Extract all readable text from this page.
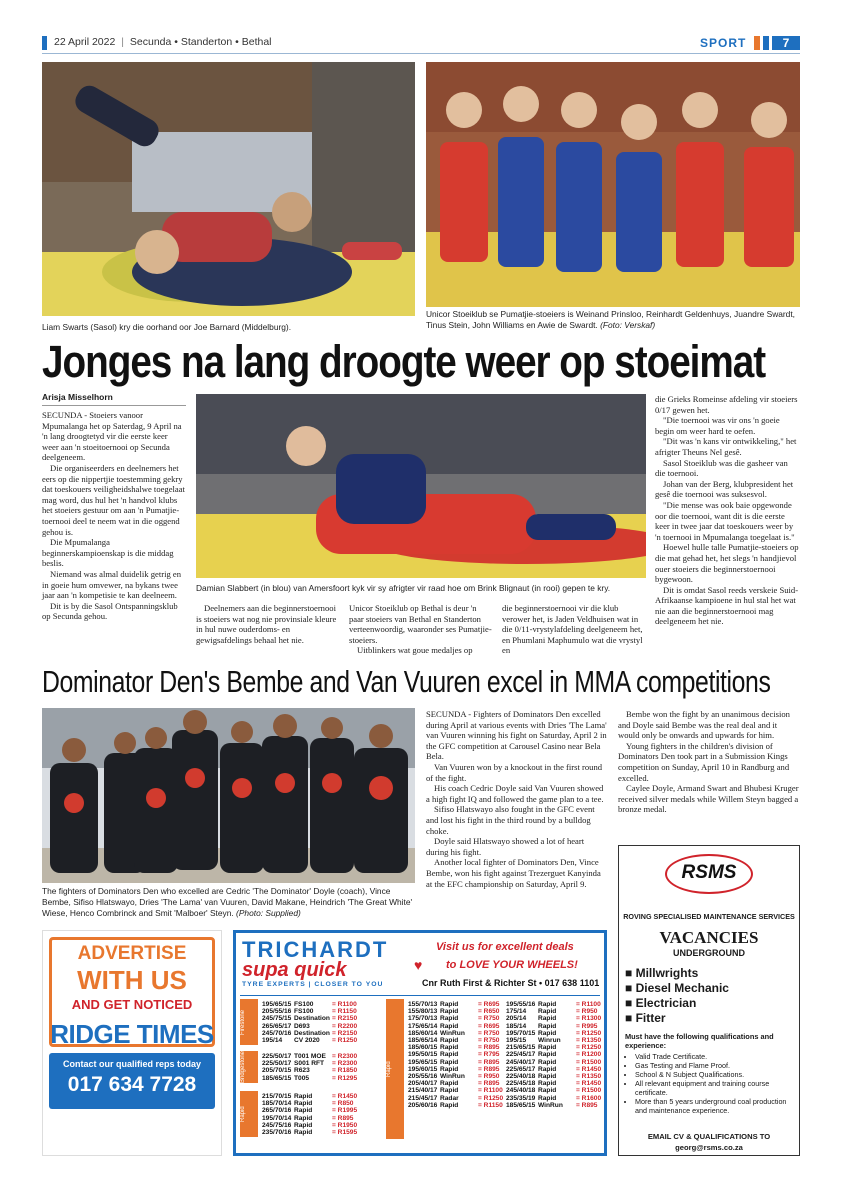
22 April 2022 | Secunda • Standerton • Bethal	SPORT	7
Liam Swarts (Sasol) kry die oorhand oor Joe Barnard (Middelburg).
Unicor Stoeiklub se Pumatjie-stoeiers is Weinand Prinsloo, Reinhardt Geldenhuys, Juandre Swardt, Tinus Stein, John Williams en Awie de Swardt. (Foto: Verskaf)
Jonges na lang droogte weer op stoeimat
Arisja Misselhorn

SECUNDA - Stoeiers vanoor Mpumalanga het op Saterdag, 9 April na 'n lang droogtetyd vir die eerste keer weer aan 'n stoeitoernooi op Secunda deelgeneem.

Die organiseerders en deelnemers het eers op die nippertjie toestemming gekry dat toeskouers veiligheidshalwe toegelaat mag word, dus hul het 'n handvol klubs het stoeiers gestuur om aan 'n Pumatjie-toernooi deel te neem wat in die oggend gehou is.

Die Mpumalanga beginnerskampioenskap is die middag beslis.

Niemand was almal duidelik getrig en in goeie hum omvewer, na bykans twee jaar aan 'n kompetisie te kan deelneem.

Dit is by die Sasol Ontspanningsklub op Secunda gehou.

Damian Slabbert (in blou) van Amersfoort kyk vir sy afrigter vir raad hoe om Brink Blignaut (in rooi) gepen te kry.

Deelnemers aan die beginnerstoernooi is stoeiers wat nog nie provinsiale kleure in hul nuwe ouderdoms- en gewigsafdelings behaal het nie.

Unicor Stoeiklub op Bethal is deur 'n paar stoeiers van Bethal en Standerton verteenwoordig, waaronder ses Pumatjie-stoeiers.

Uitblinkers wat goue medaljes op

die beginnerstoernooi vir die klub verower het, is Jaden Veldhuisen wat in die 0/11-vrystylafdeling deelgeneem het, en Phumlani Maphumulo wat die vrystyl en

die Grieks Romeinse afdeling vir stoeiers 0/17 gewen het.

"Die toernooi was vir ons 'n goeie begin om weer hard te oefen.

"Dit was 'n kans vir ontwikkeling," het afrigter Theuns Nel gesê.

Sasol Stoeiklub was die gasheer van die toernooi.

Johan van der Berg, klubpresident het gesê die toernooi was suksesvol.

"Die mense was ook baie opgewonde oor die toernooi, want dit is die eerste keer in twee jaar dat toeskouers weer by 'n toernooi in Mpumalanga toegelaat is."

Hoewel hulle talle Pumatjie-stoeiers op die mat gehad het, het slegs 'n handjievol ouer stoeiers die beginnerstoernooi bygewoon.

Dit is omdat Sasol reeds verskeie Suid-Afrikaanse kampioene in hul stal het wat nie aan die beginnerstoernooi mag deelgeneem het nie.

Dominator Den's Bembe and Van Vuuren excel in MMA competitions
The fighters of Dominators Den who excelled are Cedric 'The Dominator' Doyle (coach), Vince Bembe, Sifiso Hlatswayo, Dries 'The Lama' van Vuuren, David Makane, Heindrich 'The Great White' Wiese, Henco Combrinck and Smit 'Malboer' Steyn. (Photo: Supplied)

SECUNDA - Fighters of Dominators Den excelled during April at various events with Dries 'The Lama' van Vuuren winning his fight on Saturday, April 2 in the GFC competition at Carousel Casino near Bela Bela.

Van Vuuren won by a knockout in the first round of the fight.

His coach Cedric Doyle said Van Vuuren showed a high fight IQ and followed the game plan to a tee.

Sifiso Hlatswayo also fought in the GFC event and lost his fight in the third round by a bulldog choke.

Doyle said Hlatswayo showed a lot of heart during his fight.

Another local fighter of Dominators Den, Vince Bembe, won his fight against Trezerguet Kanyinda at the EFC championship on Saturday, April 9.

Bembe won the fight by an unanimous decision and Doyle said Bembe was the real deal and it would only be onwards and upwards for him.

Young fighters in the children's division of Dominators Den took part in a Submission Kings competition on Sunday, April 10 in Randburg and excelled.

Caylee Doyle, Armand Swart and Bhubesi Kruger received silver medals while Willem Steyn bagged a bronze medal.

ADVERTISE
WITH US
AND GET NOTICED
RIDGE TIMES
Contact our qualified reps today
017 634 7728
TRICHARDT
supa quick
TYRE EXPERTS | CLOSER TO YOU
Visit us for excellent deals
♥ to LOVE YOUR WHEELS!
Cnr Ruth First & Richter St • 017 638 1101
Firestone
195/65/15 FS100	= R1100
205/55/16 FS100	= R1150
245/75/15 Destination = R2150
265/65/17 D693	= R2200
245/70/16 Destination = R2150
195/14	CV 2020	= R1250
Bridgestone	225/50/17 T001 MOE = R2300
225/50/17 S001 RFT	= R2300
205/70/15 R623	= R1850
185/65/15 T005	= R1295
Rapid
215/70/15 Rapid	= R1450
185/70/14 Rapid	= R850
265/70/16 Rapid	= R1995
195/70/14 Rapid	= R895
245/75/16 Rapid	= R1950
235/70/16 Rapid	= R1595
Rapid
155/70/13 Rapid	= R695
155/80/13 Rapid	= R650
175/70/13 Rapid	= R750
175/65/14 Rapid	= R695
185/60/14 WinRun	= R750
185/65/14 Rapid	= R750
185/60/15 Rapid	= R895
195/50/15 Rapid	= R795
195/65/15 Rapid	= R895
195/60/15 Rapid	= R895
205/55/16 WinRun	= R950
205/40/17 Rapid	= R895
215/40/17 Rapid	= R1100
215/45/17 Radar	= R1250
205/60/16 Rapid	= R1150
195/55/16 Rapid	= R1100
175/14	Rapid	= R950
205/14	Rapid	= R1300
185/14	Rapid	= R995
195/70/15 Rapid	= R1250
195/15	Winrun	= R1350
215/65/15 Rapid	= R1250
225/45/17 Rapid	= R1200
245/40/17 Rapid	= R1500
225/65/17 Rapid	= R1450
225/40/18 Rapid	= R1350
225/45/18 Rapid	= R1450
245/40/18 Rapid	= R1500
235/35/19 Rapid	= R1600
185/65/15 WinRun	= R895
RSMS
ROVING SPECIALISED MAINTENANCE SERVICES
VACANCIES
UNDERGROUND
■ Millwrights
■ Diesel Mechanic
■ Electrician
■ Fitter
Must have the following qualifications and experience:
• Valid Trade Certificate.
• Gas Testing and Flame Proof.
• School & N Subject Qualifications.
• All relevant equipment and training course certificate.
• More than 5 years underground coal production and maintenance experience.
EMAIL CV & QUALIFICATIONS TO
georg@rsms.co.za
